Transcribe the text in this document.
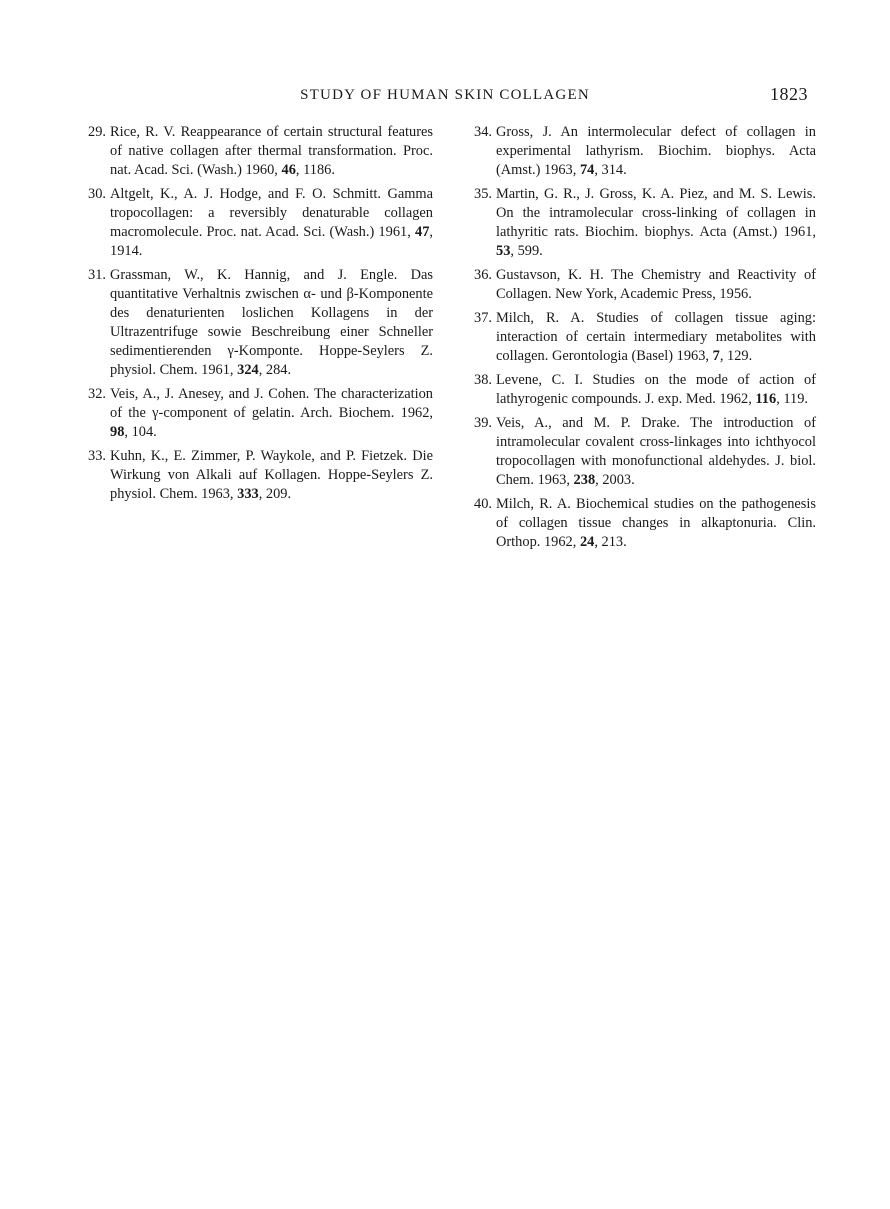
STUDY OF HUMAN SKIN COLLAGEN	1823
29. Rice, R. V. Reappearance of certain structural features of native collagen after thermal transformation. Proc. nat. Acad. Sci. (Wash.) 1960, 46, 1186.
30. Altgelt, K., A. J. Hodge, and F. O. Schmitt. Gamma tropocollagen: a reversibly denaturable collagen macromolecule. Proc. nat. Acad. Sci. (Wash.) 1961, 47, 1914.
31. Grassman, W., K. Hannig, and J. Engle. Das quantitative Verhaltnis zwischen α- und β-Komponente des denaturienten loslichen Kollagens in der Ultrazentrifuge sowie Beschreibung einer Schneller sedimentierenden γ-Komponte. Hoppe-Seylers Z. physiol. Chem. 1961, 324, 284.
32. Veis, A., J. Anesey, and J. Cohen. The characterization of the γ-component of gelatin. Arch. Biochem. 1962, 98, 104.
33. Kuhn, K., E. Zimmer, P. Waykole, and P. Fietzek. Die Wirkung von Alkali auf Kollagen. Hoppe-Seylers Z. physiol. Chem. 1963, 333, 209.
34. Gross, J. An intermolecular defect of collagen in experimental lathyrism. Biochim. biophys. Acta (Amst.) 1963, 74, 314.
35. Martin, G. R., J. Gross, K. A. Piez, and M. S. Lewis. On the intramolecular cross-linking of collagen in lathyritic rats. Biochim. biophys. Acta (Amst.) 1961, 53, 599.
36. Gustavson, K. H. The Chemistry and Reactivity of Collagen. New York, Academic Press, 1956.
37. Milch, R. A. Studies of collagen tissue aging: interaction of certain intermediary metabolites with collagen. Gerontologia (Basel) 1963, 7, 129.
38. Levene, C. I. Studies on the mode of action of lathyrogenic compounds. J. exp. Med. 1962, 116, 119.
39. Veis, A., and M. P. Drake. The introduction of intramolecular covalent cross-linkages into ichthyocol tropocollagen with monofunctional aldehydes. J. biol. Chem. 1963, 238, 2003.
40. Milch, R. A. Biochemical studies on the pathogenesis of collagen tissue changes in alkaptonuria. Clin. Orthop. 1962, 24, 213.
